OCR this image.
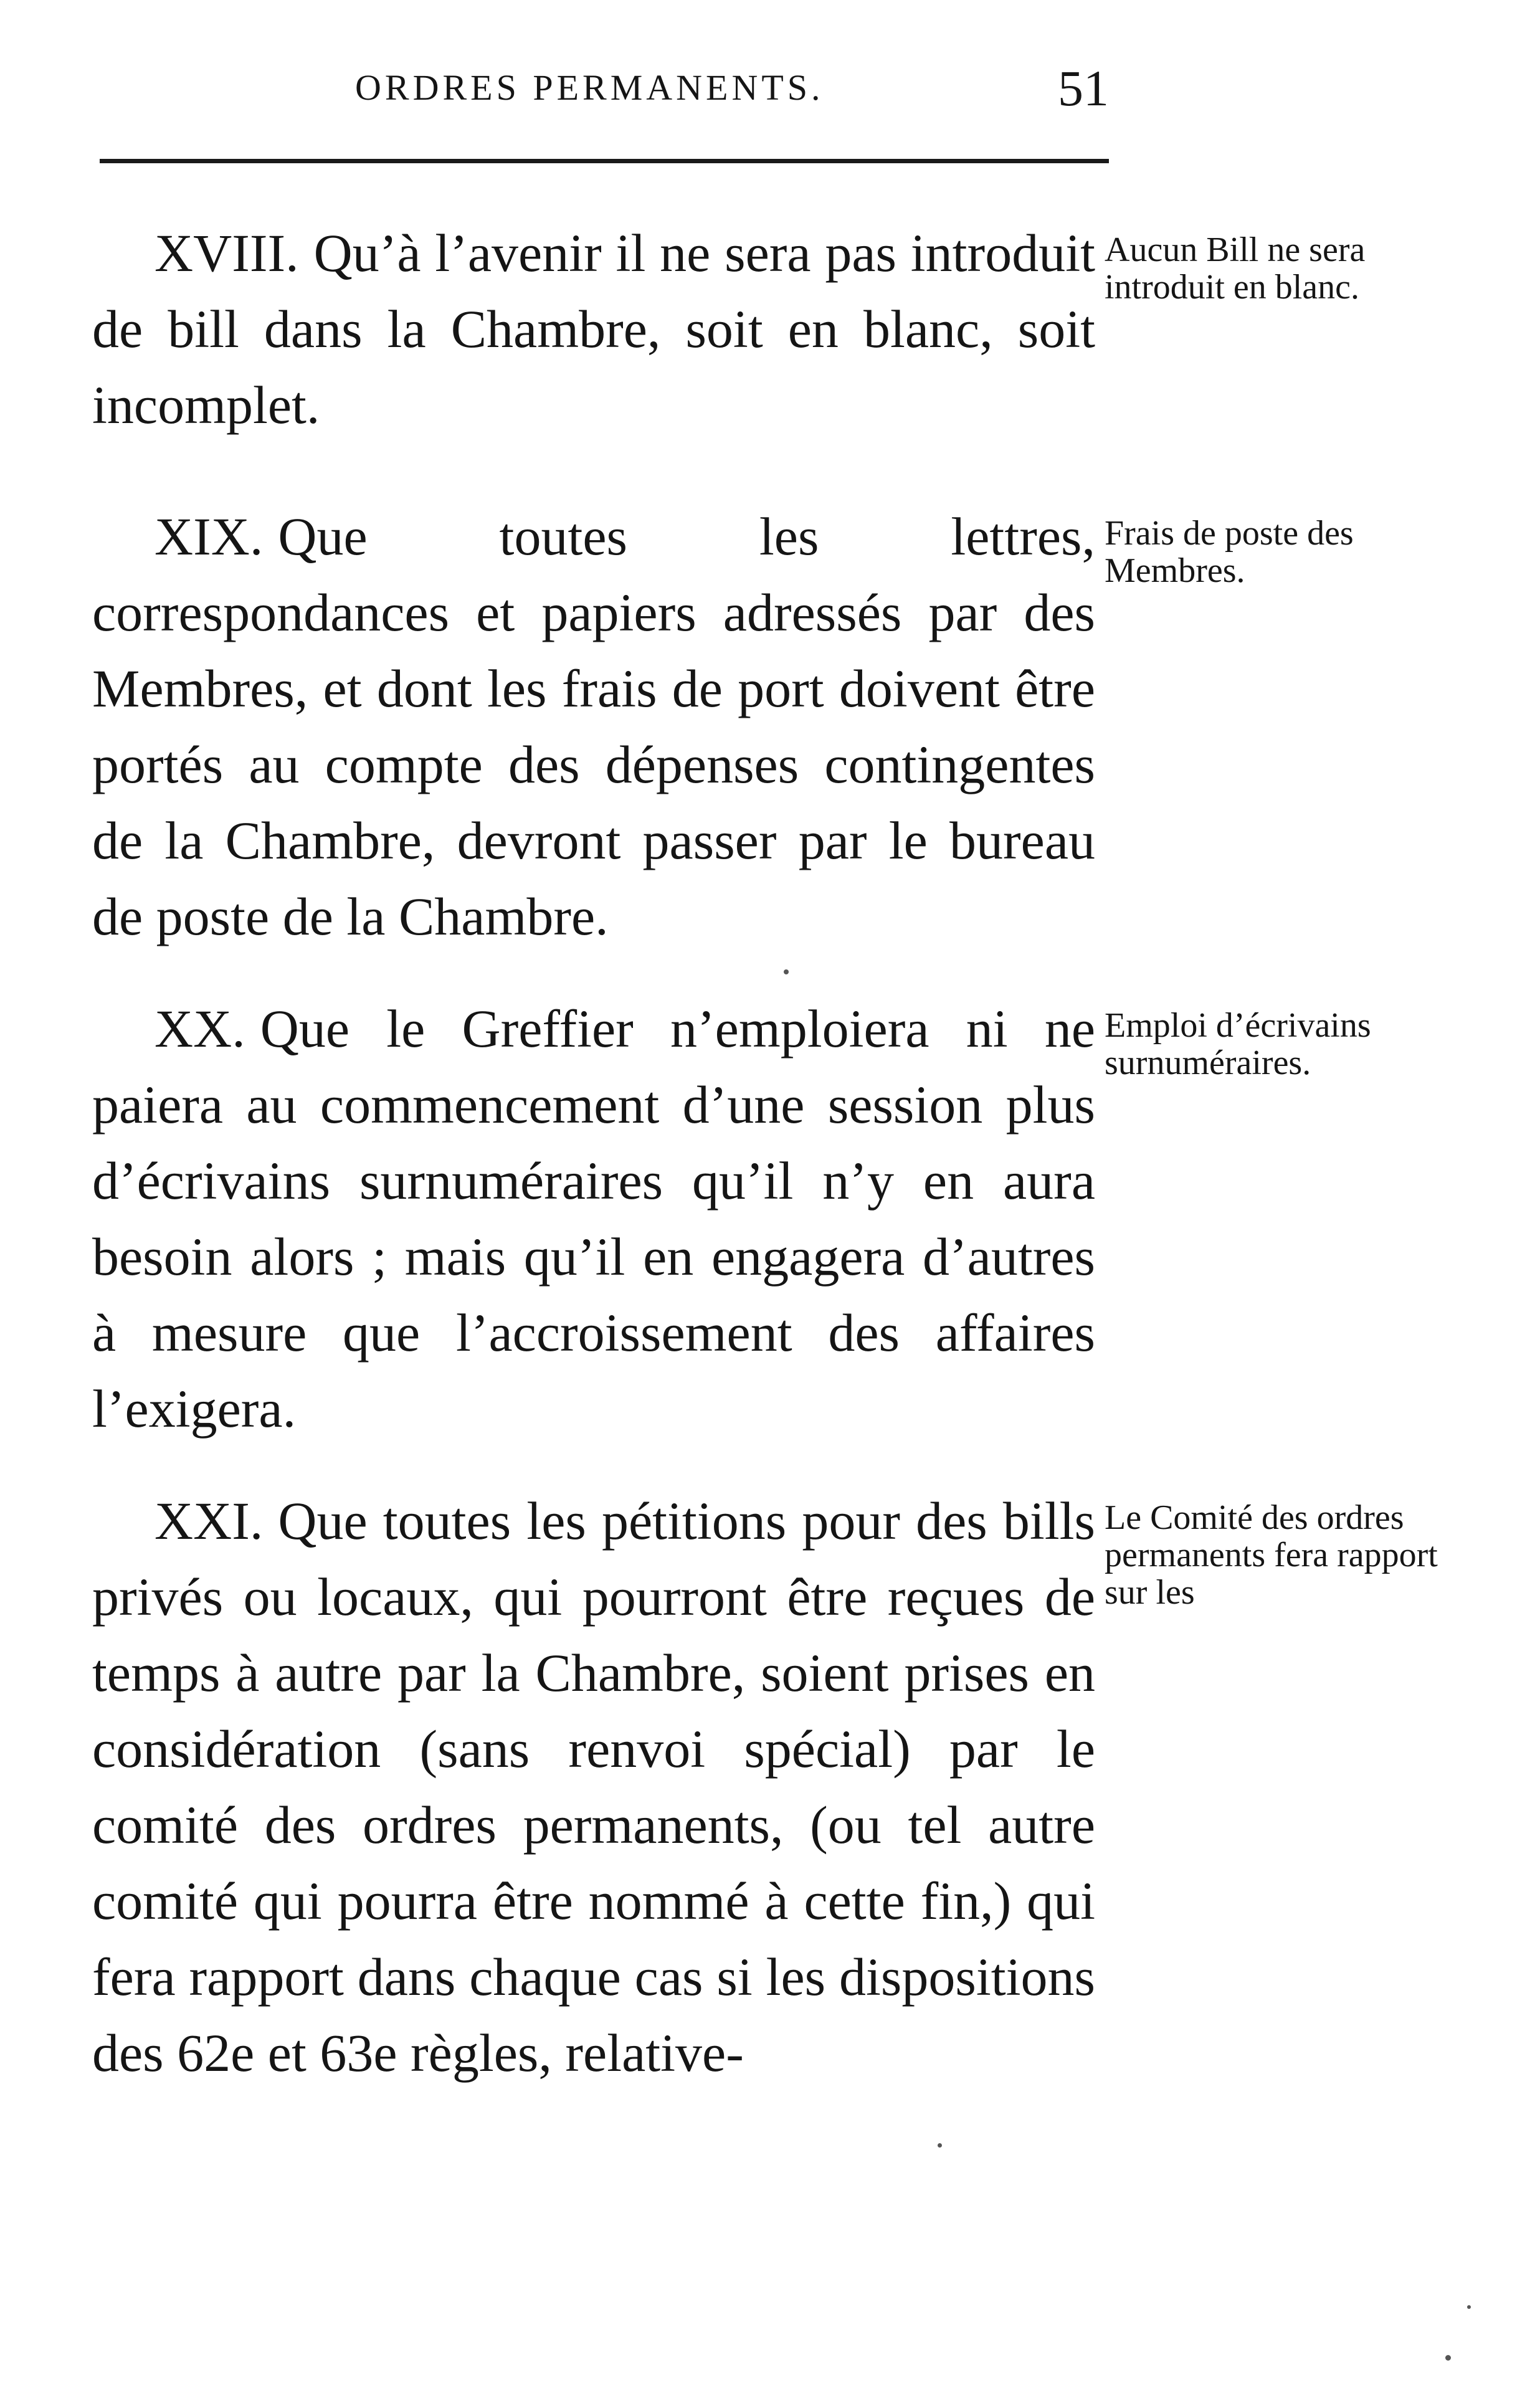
ORDRES PERMANENTS.	51

XVIII. Qu’à l’avenir il ne sera pas introduit de bill dans la Chambre, soit en blanc, soit incomplet.

Aucun Bill ne sera introduit en blanc.

XIX. Que toutes les lettres, correspondances et papiers adressés par des Membres, et dont les frais de port doivent être portés au compte des dépenses contingentes de la Chambre, devront passer par le bureau de poste de la Chambre.

Frais de poste des Membres.

XX. Que le Greffier n’emploiera ni ne paiera au commencement d’une session plus d’écrivains surnuméraires qu’il n’y en aura besoin alors ; mais qu’il en engagera d’autres à mesure que l’accroissement des affaires l’exigera.

Emploi d’écrivains surnuméraires.

XXI. Que toutes les pétitions pour des bills privés ou locaux, qui pourront être reçues de temps à autre par la Chambre, soient prises en considération (sans renvoi spécial) par le comité des ordres permanents, (ou tel autre comité qui pourra être nommé à cette fin,) qui fera rapport dans chaque cas si les dispositions des 62e et 63e règles, relative-

Le Comité des ordres permanents fera rapport sur les
